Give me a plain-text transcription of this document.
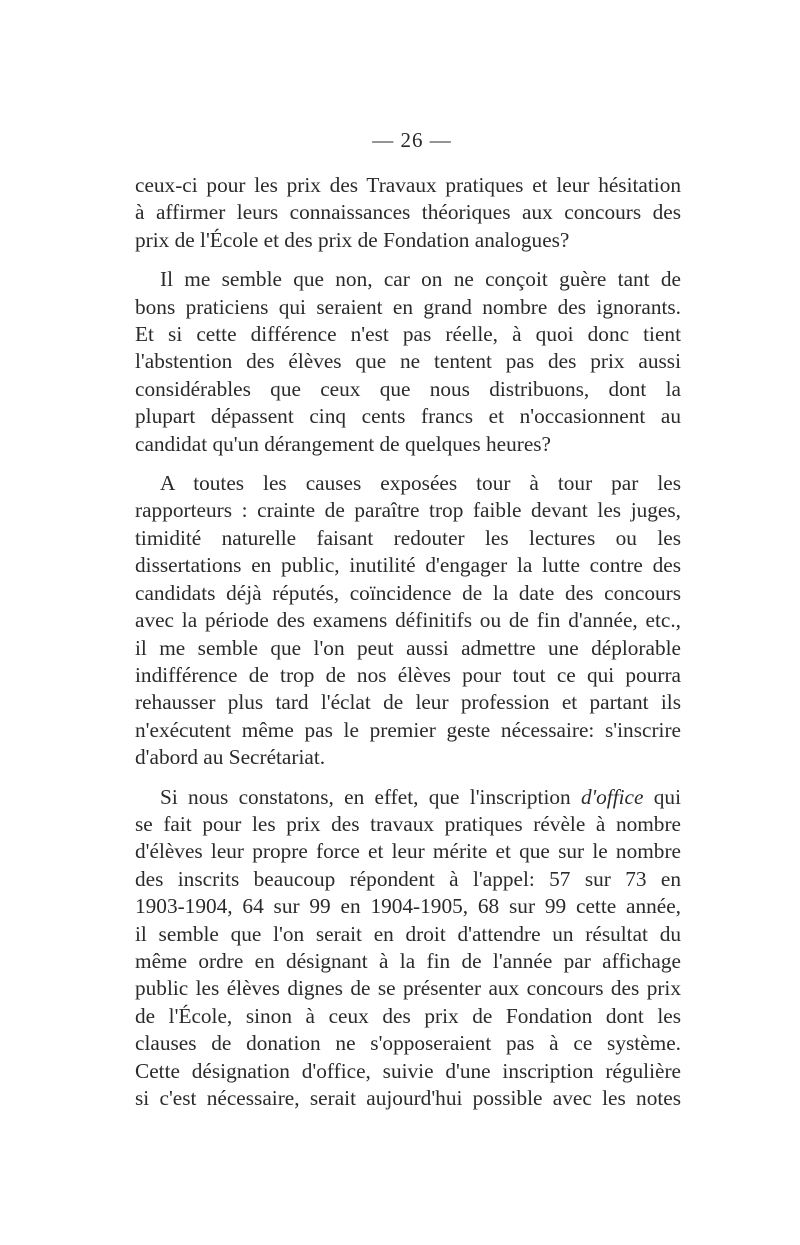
— 26 —

ceux-ci pour les prix des Travaux pratiques et leur hésitation
à affirmer leurs connaissances théoriques aux concours des
prix de l'École et des prix de Fondation analogues?

Il me semble que non, car on ne conçoit guère tant de
bons praticiens qui seraient en grand nombre des ignorants.
Et si cette différence n'est pas réelle, à quoi donc tient
l'abstention des élèves que ne tentent pas des prix aussi
considérables que ceux que nous distribuons, dont la
plupart dépassent cinq cents francs et n'occasionnent au
candidat qu'un dérangement de quelques heures?

A toutes les causes exposées tour à tour par les
rapporteurs : crainte de paraître trop faible devant les juges,
timidité naturelle faisant redouter les lectures ou les
dissertations en public, inutilité d'engager la lutte contre des
candidats déjà réputés, coïncidence de la date des concours
avec la période des examens définitifs ou de fin d'année, etc.,
il me semble que l'on peut aussi admettre une déplorable
indifférence de trop de nos élèves pour tout ce qui pourra
rehausser plus tard l'éclat de leur profession et partant ils
n'exécutent même pas le premier geste nécessaire: s'inscrire
d'abord au Secrétariat.

Si nous constatons, en effet, que l'inscription d'office qui
se fait pour les prix des travaux pratiques révèle à nombre
d'élèves leur propre force et leur mérite et que sur le nombre
des inscrits beaucoup répondent à l'appel: 57 sur 73 en
1903-1904, 64 sur 99 en 1904-1905, 68 sur 99 cette année,
il semble que l'on serait en droit d'attendre un résultat du
même ordre en désignant à la fin de l'année par affichage
public les élèves dignes de se présenter aux concours des prix
de l'École, sinon à ceux des prix de Fondation dont les
clauses de donation ne s'opposeraient pas à ce système.
Cette désignation d'office, suivie d'une inscription régulière
si c'est nécessaire, serait aujourd'hui possible avec les notes
